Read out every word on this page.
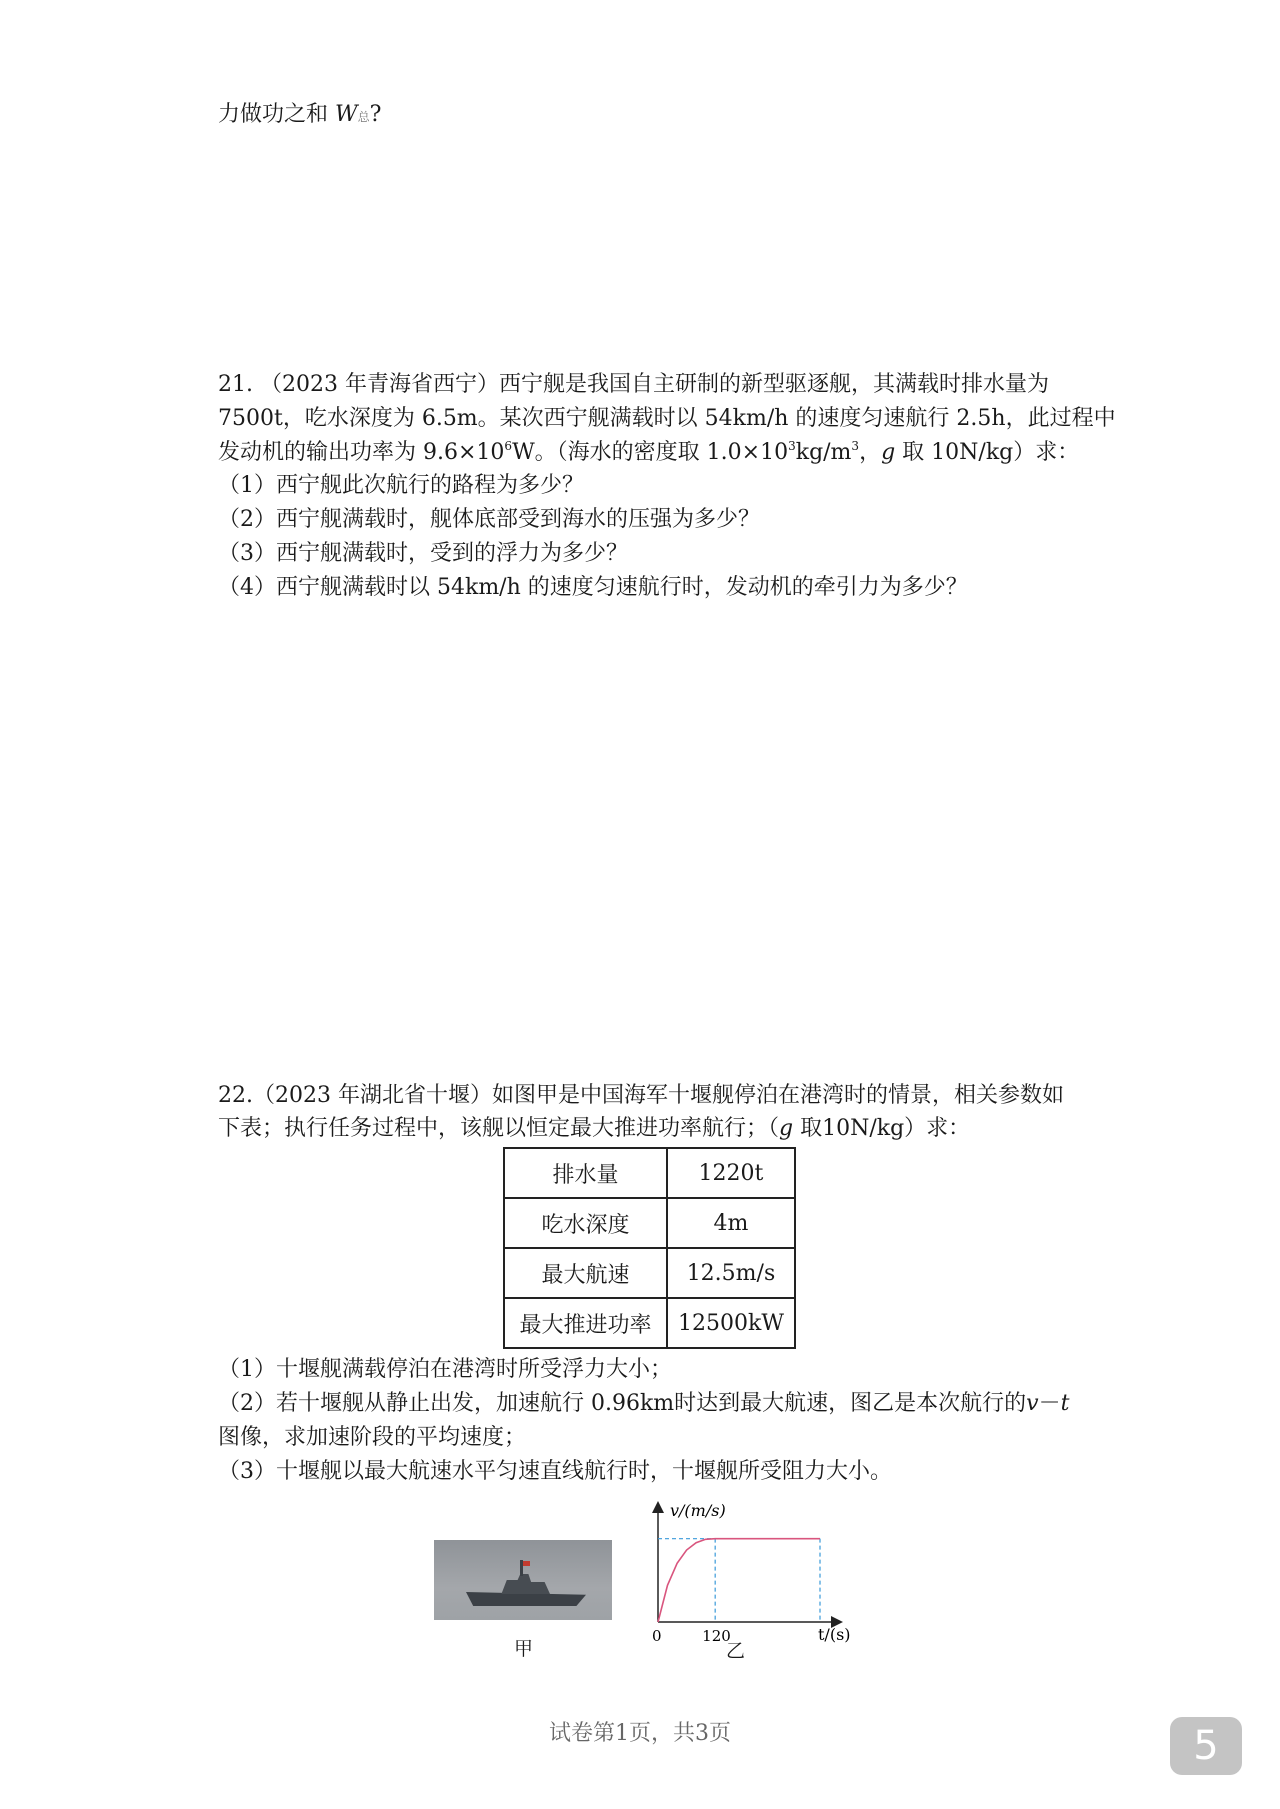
力做功之和 W总?
21. （2023 年青海省西宁）西宁舰是我国自主研制的新型驱逐舰，其满载时排水量为
7500t，吃水深度为 6.5m。某次西宁舰满载时以 54km/h 的速度匀速航行 2.5h，此过程中
发动机的输出功率为 $9.6\times 10^6W$。（海水的密度取 $1.0\times 10^3kg/m^3$，g 取 10N/kg）求：
（1）西宁舰此次航行的路程为多少？
（2）西宁舰满载时，舰体底部受到海水的压强为多少？
（3）西宁舰满载时，受到的浮力为多少？
（4）西宁舰满载时以 54km/h 的速度匀速航行时，发动机的牵引力为多少？
22.（2023 年湖北省十堰）如图甲是中国海军十堰舰停泊在港湾时的情景，相关参数如
下表；执行任务过程中，该舰以恒定最大推进功率航行；（g 取10N/kg）求：
排水量	1220t
吃水深度	4m
最大航速	12.5m/s
最大推进功率	12500kW
（1）十堰舰满载停泊在港湾时所受浮力大小；
（2）若十堰舰从静止出发，加速航行 0.96km时达到最大航速，图乙是本次航行的v－t
图像，求加速阶段的平均速度；
（3）十堰舰以最大航速水平匀速直线航行时，十堰舰所受阻力大小。
甲
v/(m/s)
t/(s)
0	120
乙
试卷第1页，共3页	5
